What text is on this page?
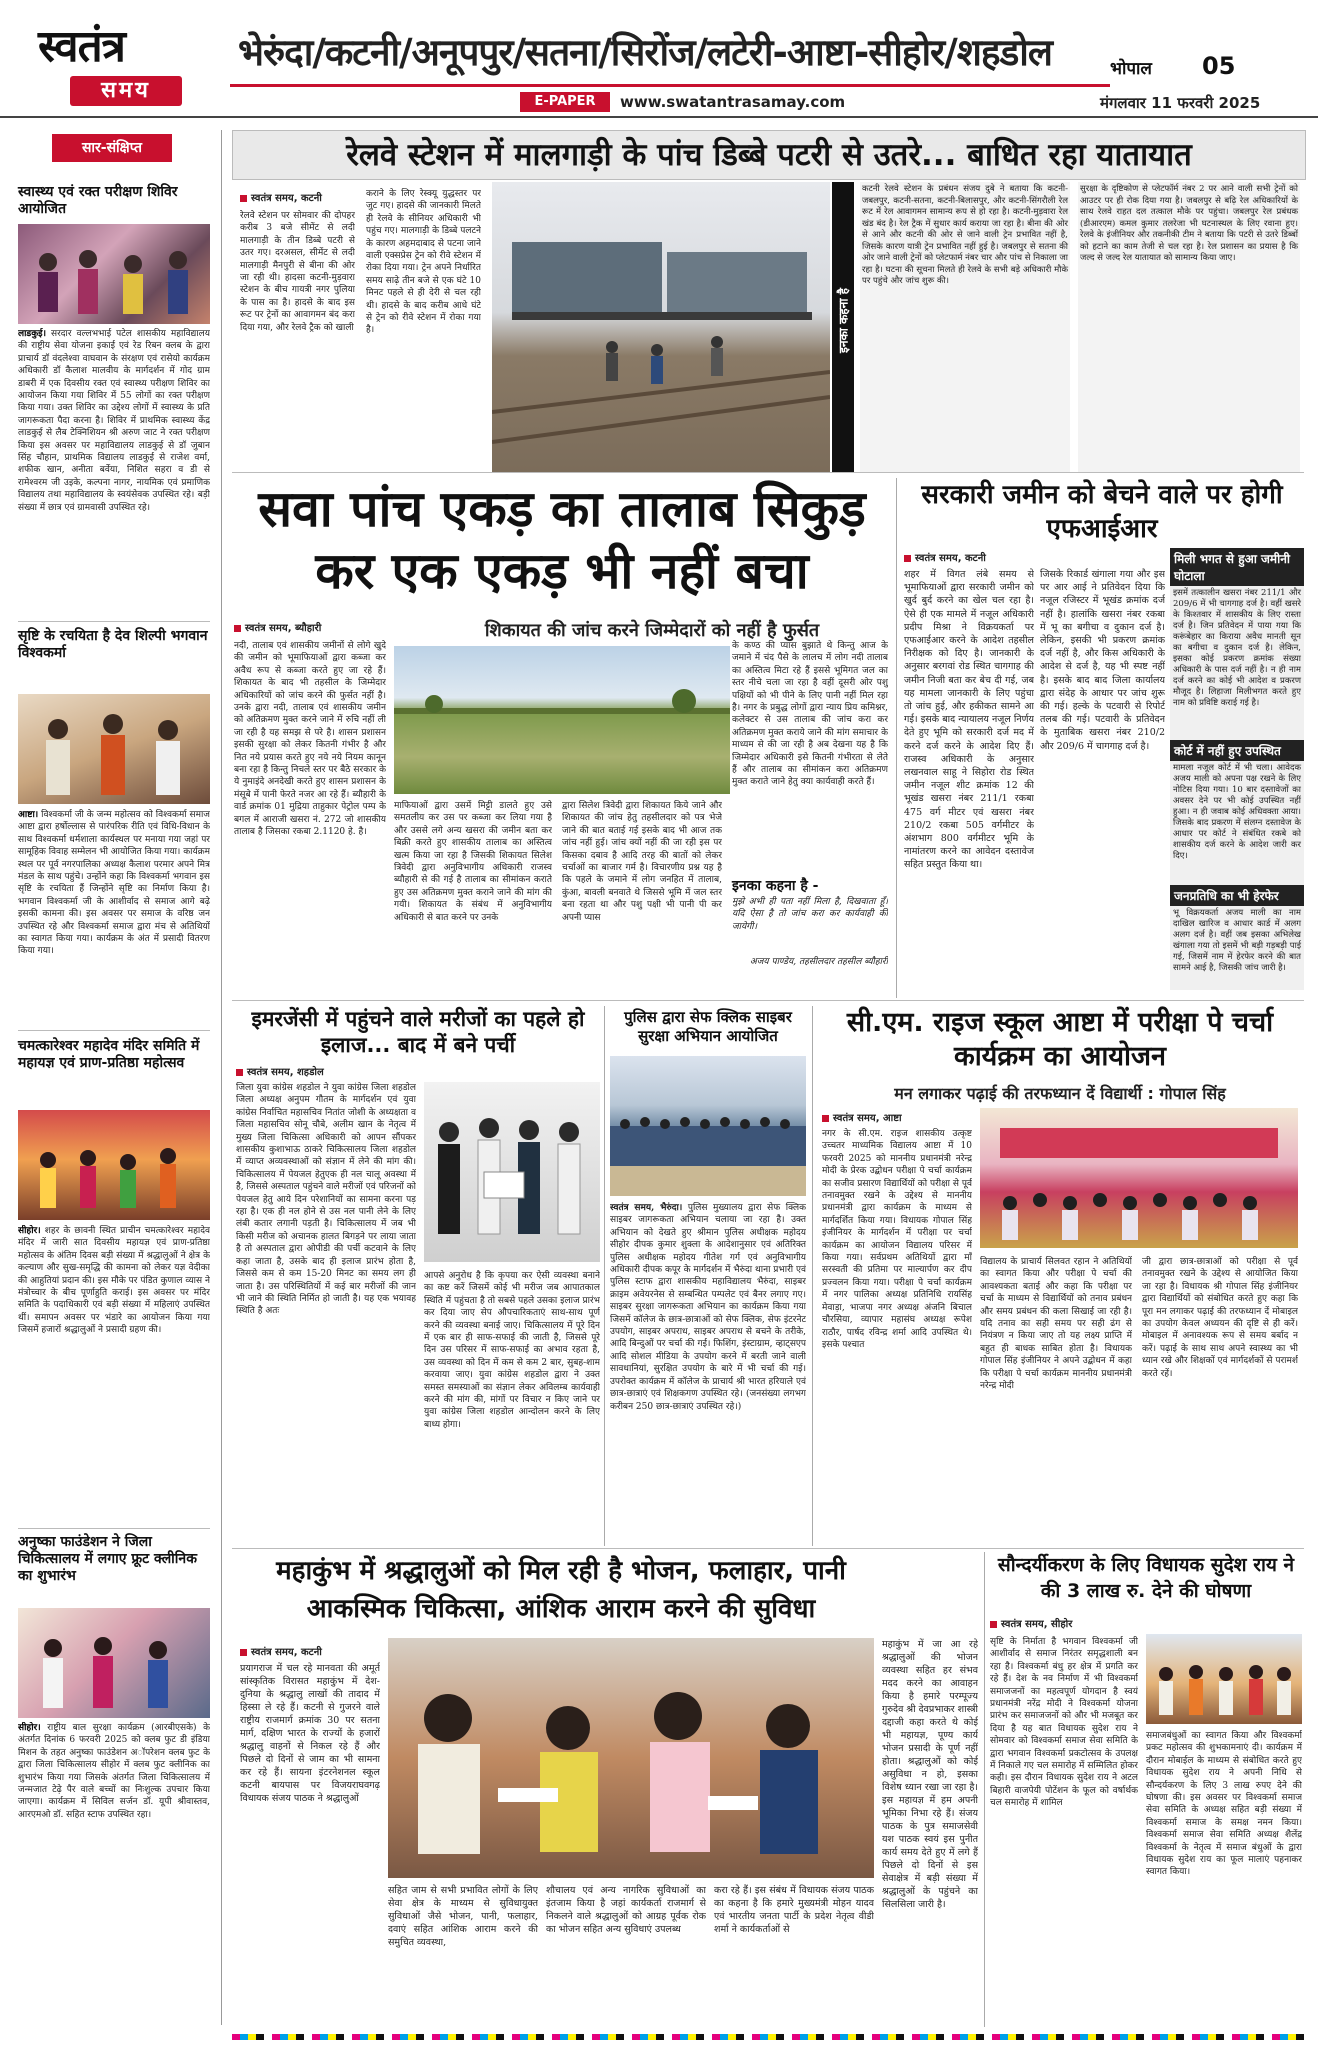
स्वतंत्र
समय
भेरुंदा/कटनी/अनूपपुर/सतना/सिरोंज/लटेरी-आष्टा-सीहोर/शहडोल	भोपाल 05
E-PAPER	www.swatantrasamay.com	मंगलवार 11 फरवरी 2025
सार-संक्षिप्त
स्वास्थ्य एवं रक्त परीक्षण शिविर आयोजित
लाडकुई। सरदार वल्लभभाई पटेल शासकीय महाविद्यालय की राष्ट्रीय सेवा योजना इकाई एवं रेड रिबन क्लब के द्वारा प्राचार्य डॉ वंदलेश्वा वाघवान के संरक्षण एवं रासेयो कार्यक्रम अधिकारी डॉ कैलाश मालवीय के मार्गदर्शन में गोद ग्राम डाबरी में एक दिवसीय रक्त एवं स्वास्थ्य परीक्षण शिविर का आयोजन किया गया शिविर में 55 लोगों का रक्त परीक्षण किया गया। उक्त शिविर का उद्देश्य लोगों में स्वास्थ्य के प्रति जागरूकता पैदा करना है। शिविर में प्राथमिक स्वास्थ्य केंद्र लाडकुई से लैब टेक्निशियन श्री अरुण जाट ने रक्त परीक्षण किया इस अवसर पर महाविद्यालय लाडकुई से डॉ जुबान सिंह चौहान, प्राथमिक विद्यालय लाडकुई से राजेश वर्मा, शफीक खान, अनीता बर्वेया, निशित सहरा व डी से रामेश्वरम जी उइके, कल्पना नागर, नायमिक एवं प्रमाणिक विद्यालय तथा महाविद्यालय के स्वयंसेवक उपस्थित रहे। बड़ी संख्या में छात्र एवं ग्रामवासी उपस्थित रहे।
सृष्टि के रचयिता है देव शिल्पी भगवान विश्वकर्मा
आष्टा। विश्वकर्मा जी के जन्म महोत्सव को विश्वकर्मा समाज आष्टा द्वारा हर्षोल्लास से पारंपरिक रीति एवं विधि-विधान के साथ विश्वकर्मा धर्मशाला कार्यस्थल पर मनाया गया जहां पर सामूहिक विवाह सम्मेलन भी आयोजित किया गया। कार्यक्रम स्थल पर पूर्व नगरपालिका अध्यक्ष कैलाश परमार अपने मित्र मंडल के साथ पहुंचे। उन्होंने कहा कि विश्वकर्मा भगवान इस सृष्टि के रचयिता हैं जिन्होंने सृष्टि का निर्माण किया है। भगवान विश्वकर्मा जी के आशीर्वाद से समाज आगे बढ़े इसकी कामना की। इस अवसर पर समाज के वरिष्ठ जन उपस्थित रहे और विश्वकर्मा समाज द्वारा मंच से अतिथियों का स्वागत किया गया। कार्यक्रम के अंत में प्रसादी वितरण किया गया।
चमत्कारेश्वर महादेव मंदिर समिति में महायज्ञ एवं प्राण-प्रतिष्ठा महोत्सव
सीहोर। शहर के छावनी स्थित प्राचीन चमत्कारेश्वर महादेव मंदिर में जारी सात दिवसीय महायज्ञ एवं प्राण-प्रतिष्ठा महोत्सव के अंतिम दिवस बड़ी संख्या में श्रद्धालुओं ने क्षेत्र के कल्याण और सुख-समृद्धि की कामना को लेकर यज्ञ वेदीका की आहुतियां प्रदान की। इस मौके पर पंडित कुणाल व्यास ने मंत्रोच्चार के बीच पूर्णाहुति कराई। इस अवसर पर मंदिर समिति के पदाधिकारी एवं बड़ी संख्या में महिलाएं उपस्थित थीं। समापन अवसर पर भंडारे का आयोजन किया गया जिसमें हजारों श्रद्धालुओं ने प्रसादी ग्रहण की।
अनुष्का फाउंडेशन ने जिला चिकित्सालय में लगाए फ्रूट क्लीनिक का शुभारंभ
सीहोर। राष्ट्रीय बाल सुरक्षा कार्यक्रम (आरबीएसके) के अंतर्गत दिनांक 6 फरवरी 2025 को क्लब फुट डी इंडिया मिशन के तहत अनुष्का फाउंडेशन अॉपरेशन क्लब फुट के द्वारा जिला चिकित्सालय सीहोर में क्लब फुट क्लीनिक का शुभारंभ किया गया जिसके अंतर्गत जिला चिकित्सालय में जन्मजात टेढ़े पैर वाले बच्चों का निःशुल्क उपचार किया जाएगा। कार्यक्रम में सिविल सर्जन डॉ. यूपी श्रीवास्तव, आरएमओ डॉ. सहित स्टाफ उपस्थित रहा।
रेलवे स्टेशन में मालगाड़ी के पांच डिब्बे पटरी से उतरे... बाधित रहा यातायात
स्वतंत्र समय, कटनी
रेलवे स्टेशन पर सोमवार की दोपहर करीब 3 बजे सीमेंट से लदी मालगाड़ी के तीन डिब्बे पटरी से उतर गए। दरअसल, सीमेंट से लदी मालगाड़ी मैनपुरी से बीना की ओर जा रही थी। हादसा कटनी-मुड़वारा स्टेशन के बीच गायत्री नगर पुलिया के पास का है। हादसे के बाद इस रूट पर ट्रेनों का आवागमन बंद करा दिया गया, और रेलवे ट्रैक को खाली
कराने के लिए रेस्क्यू युद्धस्तर पर जुट गए। हादसे की जानकारी मिलते ही रेलवे के सीनियर अधिकारी भी पहुंच गए। मालगाड़ी के डिब्बे पलटने के कारण अहमदाबाद से पटना जाने वाली एक्सप्रेस ट्रेन को रीवे स्टेशन में रोका दिया गया। ट्रेन अपने निर्धारित समय साढ़े तीन बजे से एक घंटे 10 मिनट पहले से ही देरी से चल रही थी। हादसे के बाद करीब आधे घंटे से ट्रेन को रीवे स्टेशन में रोका गया है।	इनका कहना है
कटनी रेलवे स्टेशन के प्रबंधन संजय दुबे ने बताया कि कटनी-जबलपुर, कटनी-सतना, कटनी-बिलासपुर, और कटनी-सिंगरौली रेल रूट में रेल आवागमन सामान्य रूप से हो रहा है। कटनी-मुड़वारा रेल खंड बंद है। रेल ट्रैक में सुधार कार्य कराया जा रहा है। बीना की ओर से आने और कटनी की ओर से जाने वाली ट्रेन प्रभावित नहीं है, जिसके कारण यात्री ट्रेन प्रभावित नहीं हुई है। जबलपुर से सतना की ओर जाने वाली ट्रेनों को प्लेटफार्म नंबर चार और पांच से निकाला जा रहा है। घटना की सूचना मिलते ही रेलवे के सभी बड़े अधिकारी मौके पर पहुंचे और जांच शुरू की।
सुरक्षा के दृष्टिकोण से प्लेटफॉर्म नंबर 2 पर आने वाली सभी ट्रेनों को आउटर पर ही रोक दिया गया है। जबलपुर से बढ़ि रेल अधिकारियों के साथ रेलवे राहत दल तत्काल मौके पर पहुंचा। जबलपुर रेल प्रबंधक (डीआरएम) कमल कुमार तलरेजा भी घटनास्थल के लिए रवाना हुए। रेलवे के इंजीनियर और तकनीकी टीम ने बताया कि पटरी से उतरे डिब्बों को हटाने का काम तेजी से चल रहा है। रेल प्रशासन का प्रयास है कि जल्द से जल्द रेल यातायात को सामान्य किया जाए।
सवा पांच एकड़ का तालाब सिकुड़ कर एक एकड़ भी नहीं बचा
स्वतंत्र समय, ब्यौहारी	शिकायत की जांच करने जिम्मेदारों को नहीं है फुर्सत
नदी, तालाब एवं शासकीय जमीनों से लोगे खुदे की जमीन को भूमाफियाओं द्वारा कब्जा कर अवैध रूप से कब्जा करते हुए जा रहे हैं। शिकायत के बाद भी तहसील के जिम्मेदार अधिकारियों को जांच करने की फुर्सत नहीं है। उनके द्वारा नदी, तालाब एवं शासकीय जमीन को अतिक्रमण मुक्त करने जाने में रुचि नहीं ली जा रही है यह समझ से परे है। शासन प्रशासन इसकी सुरक्षा को लेकर कितनी गंभीर है और नित नये प्रयास करते हुए नये नये नियम कानून बना रहा है किन्तु निचले स्तर पर बैठे सरकार के ये नुमाइंदे अनदेखी करते हुए शासन प्रशासन के मंसूबे में पानी फेरते नजर आ रहे हैं। ब्यौहारी के वार्ड क्रमांक 01 मुद्रिया ताहुकार पेट्रोल पम्प के बगल में आराजी खसरा नं. 272 जो शासकीय तालाब है जिसका रकबा 2.1120 हे. है।
माफियाओं द्वारा उसमें मिट्टी डालते हुए उसे समतलीय कर उस पर कब्जा कर लिया गया है और उससे लगे अन्य खसरा की जमीन बता कर बिक्री करते हुए शासकीय तालाब का अस्तित्व खत्म किया जा रहा है जिसकी शिकायत सिलेश त्रिवेदी द्वारा अनुविभागीय अधिकारी राजस्व ब्यौहारी से की गई है तालाब का सीमांकन कराते हुए उस अतिक्रमण मुक्त कराने जाने की मांग की गयी। शिकायत के संबंध में अनुविभागीय अधिकारी से बात करने पर उनके
द्वारा सिलेश त्रिवेदी द्वारा शिकायत किये जाने और शिकायत की जांच हेतु तहसीलदार को पत्र भेजे जाने की बात बताई गई इसके बाद भी आज तक जांच नहीं हुई। जांच क्यों नहीं की जा रही इस पर किसका दबाव है आदि तरह की बातों को लेकर चर्चाओं का बाजार गर्म है। विचारणीय प्रश्न यह है कि पहले के जमाने में लोग जनहित में तालाब, कुंआ, बावली बनवाते थे जिससे भूमि में जल स्तर बना रहता था और पशु पक्षी भी पानी पी कर अपनी प्यास
के कण्ठ की प्यास बुझाते थे किन्तु आज के जमाने में चंद पैसे के लालच में लोग नदी तालाब का अस्तित्व मिटा रहे हैं इससे भूमिगत जल का स्तर नीचे चला जा रहा है वहीं दूसरी ओर पशु पक्षियों को भी पीने के लिए पानी नहीं मिल रहा है। नगर के प्रबुद्ध लोगों द्वारा न्याय प्रिय कमिश्नर, कलेक्टर से उस तालाब की जांच करा कर अतिक्रमण मुक्त कराये जाने की मांग समाचार के माध्यम से की जा रही है अब देखना यह है कि जिम्मेदार अधिकारी इसे कितनी गंभीरता से लेते हैं और तालाब का सीमांकन करा अतिक्रमण मुक्त कराते जाने हेतु क्या कार्यवाही करते हैं।
इनका कहना है -
मुझे अभी ही पता नहीं मिला है, दिखवाता हूँ। यदि ऐसा है तो जांच करा कर कार्यवाही की जायेगी।
अजय पाण्डेय, तहसीलदार तहसील ब्यौहारी
सरकारी जमीन को बेचने वाले पर होगी एफआईआर
स्वतंत्र समय, कटनी
शहर में विगत लंबे समय से भूमाफियाओं द्वारा सरकारी जमीन को खुर्द बुर्द करने का खेल चल रहा है। ऐसे ही एक मामले में नजूल अधिकारी प्रदीप मिश्रा ने विक्रयकर्ता पर एफआईआर करने के आदेश तहसील निरीक्षक को दिए है। जानकारी के अनुसार बरगवां रोड स्थित चागगाह की जमीन निजी बता कर बेच दी गई, जब यह मामला जानकारी के लिए पहुंचा तो जांच हुई, और हकीकत सामने आ गई। इसके बाद न्यायालय नजूल निर्णय देते हुए भूमि को सरकारी दर्ज मद में करने दर्ज करने के आदेश दिए हैं। राजस्व अधिकारी के अनुसार लखनवाल साहू ने सिहोरा रोड स्थित जमीन नजूल शीट क्रमांक 12 की भूखंड खसरा नंबर 211/1 रकबा 475 वर्ग मीटर एवं खसरा नंबर 210/2 रकबा 505 वर्गमीटर के अंशभाग 800 वर्गमीटर भूमि के नामांतरण करने का आवेदन दस्तावेज सहित प्रस्तुत किया था।
जिसके रिकार्ड खंगाला गया और इस पर आर आई ने प्रतिवेदन दिया कि नजूल रजिस्टर में भूखंड क्रमांक दर्ज नहीं है। हालांकि खसरा नंबर रकबा में भू का बगीचा व दुकान दर्ज है। लेकिन, इसकी भी प्रकरण क्रमांक दर्ज नहीं है, और किस अधिकारी के आदेश से दर्ज है, यह भी स्पष्ट नहीं है। इसके बाद बाद जिला कार्यालय द्वारा संदेह के आधार पर जांच शुरू की गई। हल्के के पटवारी से रिपोर्ट तलब की गई। पटवारी के प्रतिवेदन के मुताबिक खसरा नंबर 210/2 और 209/6 में चागगाह दर्ज है।
मिली भगत से हुआ जमीनी घोटाला
इसमें तत्कालीन खसरा नंबर 211/1 और 209/6 में भी चागगाह दर्ज है। वहीं खसरे के किश्तवार में शासकीय के लिए रास्ता दर्ज है। जिन प्रतिवेदन में पाया गया कि करूंबेहार का किराया अवैध मानती सून का बगीचा व दुकान दर्ज है। लेकिन, इसका कोई प्रकरण क्रमांक संख्या अधिकारी के पास दर्ज नहीं है। न ही नाम दर्ज करने का कोई भी आदेश व प्रकरण मौजूद है। लिहाजा मिलीभगत करते हुए नाम को प्रविष्टि कराई गई है।
कोर्ट में नहीं हुए उपस्थित
मामला नजूल कोर्ट में भी चला। आवेदक अजय माली को अपना पक्ष रखने के लिए नोटिस दिया गया। 10 बार दस्तावेजों का अवसर देने पर भी कोई उपस्थित नहीं हुआ। न ही जवाब कोई अधिवक्ता आया। जिसके बाद प्रकरण में संलग्न दस्तावेज के आधार पर कोर्ट ने संबंधित रकबे को शासकीय दर्ज करने के आदेश जारी कर दिए।
जनप्रतिधि का भी हेरफेर
भू विक्रयकर्ता अजय माली का नाम दाखिल खारिज व आधार कार्ड में अलग अलग दर्ज है। वहीं जब इसका अभिलेख खंगाला गया तो इसमें भी बड़ी गड़बड़ी पाई गई, जिसमें नाम में हेरफेर करने की बात सामने आई है, जिसकी जांच जारी है।
इमरजेंसी में पहुंचने वाले मरीजों का पहले हो इलाज... बाद में बने पर्ची
स्वतंत्र समय, शहडोल
जिला युवा कांग्रेस शहडोल ने युवा कांग्रेस जिला शहडोल जिला अध्यक्ष अनुपम गौतम के मार्गदर्शन एवं युवा कांग्रेस निर्वाचित महासचिव नितांत जोशी के अध्यक्षता व जिला महासचिव सोनू चौबे, अलीम खान के नेतृत्व में मुख्य जिला चिकित्सा अधिकारी को आपन सौंपकर शासकीय कुशाभाऊ ठाकरे चिकित्सालय जिला शहडोल में व्याप्त अव्यवस्थाओं को संज्ञान में लेने की मांग की। चिकित्सालय में पेयजल हेतुएक ही नल चालू अवस्था में है, जिससे अस्पताल पहुंचने वाले मरीजों एवं परिजनों को पेयजल हेतु आये दिन परेशानियों का सामना करना पड़ रहा है। एक ही नल होने से उस नल पानी लेने के लिए लंबी कतार लगानी पड़ती है। चिकित्सालय में जब भी किसी मरीज को अचानक हालत बिगड़ने पर लाया जाता है तो अस्पताल द्वारा ओपीडी की पर्ची कटवाने के लिए कहा जाता है, उसके बाद ही इलाज प्रारंभ होता है, जिससे कम से कम 15-20 मिनट का समय लग ही जाता है। उस परिस्थितियों में कई बार मरीजों की जान भी जाने की स्थिति निर्मित हो जाती है। यह एक भयावह स्थिति है अतः
आपसे अनुरोध है कि कृपया कर ऐसी व्यवस्था बनाने का कष्ट करें जिसमें कोई भी मरीज जब आपातकाल स्थिति में पहुंचता है तो सबसे पहले उसका इलाज प्रारंभ कर दिया जाए सेप औपचारिकताएं साथ-साथ पूर्ण करने की व्यवस्था बनाई जाए। चिकित्सालय में पूरे दिन में एक बार ही साफ-सफाई की जाती है, जिससे पूरे दिन उस परिसर में साफ-सफाई का अभाव रहता है, उस व्यवस्था को दिन में कम से कम 2 बार, सुबह-शाम करवाया जाए। युवा कांग्रेस शहडोल द्वारा ने उक्त समस्त समस्याओं का संज्ञान लेकर अविलम्ब कार्यवाही करने की मांग की, मांगों पर विचार न किए जाने पर युवा कांग्रेस जिला शहडोल आन्दोलन करने के लिए बाध्य होगा।
पुलिस द्वारा सेफ क्लिक साइबर सुरक्षा अभियान आयोजित
स्वतंत्र समय, भैरुंदा। पुलिस मुख्यालय द्वारा सेफ क्लिक साइबर जागरूकता अभियान चलाया जा रहा है। उक्त अभियान को देखते हुए श्रीमान पुलिस अधीक्षक महोदय सीहोर दीपक कुमार शुक्ला के आदेशानुसार एवं अतिरिक्त पुलिस अधीक्षक महोदय गीतेश गर्ग एवं अनुविभागीय अधिकारी दीपक कपूर के मार्गदर्शन में भैरुंदा थाना प्रभारी एवं पुलिस स्टाफ द्वारा शासकीय महाविद्यालय भैरुंदा, साइबर क्राइम अवेयरनेस से सम्बन्धित पम्पलेट एवं बैनर लगाए गए। साइबर सुरक्षा जागरूकता अभियान का कार्यक्रम किया गया जिसमें कॉलेज के छात्र-छात्राओं को सेफ क्लिक, सेफ इंटरनेट उपयोग, साइबर अपराध, साइबर अपराध से बचने के तरीके, आदि बिन्दुओं पर चर्चा की गई। फिशिंग, इंस्टाग्राम, व्हाट्सएप आदि सोशल मीडिया के उपयोग करने में बरती जाने वाली सावधानियां, सुरक्षित उपयोग के बारे में भी चर्चा की गई। उपरोक्त कार्यक्रम में कॉलेज के प्राचार्य श्री भारत हरियाले एवं छात्र-छात्राएं एवं शिक्षकगण उपस्थित रहे। (जनसंख्या लगभग करीबन 250 छात्र-छात्राएं उपस्थित रहे।)
सी.एम. राइज स्कूल आष्टा में परीक्षा पे चर्चा कार्यक्रम का आयोजन
मन लगाकर पढ़ाई की तरफध्यान दें विद्यार्थी : गोपाल सिंह
स्वतंत्र समय, आष्टा
नगर के सी.एम. राइज शासकीय उत्कृष्ट उच्चतर माध्यमिक विद्यालय आष्टा में 10 फरवरी 2025 को माननीय प्रधानमंत्री नरेन्द्र मोदी के प्रेरक उद्बोधन परीक्षा पे चर्चा कार्यक्रम का सजीव प्रसारण विद्यार्थियों को परीक्षा से पूर्व तनावमुक्त रखने के उद्देश्य से माननीय प्रधानमंत्री द्वारा कार्यक्रम के माध्यम से मार्गदर्शित किया गया। विधायक गोपाल सिंह इंजीनियर के मार्गदर्शन में परीक्षा पर चर्चा कार्यक्रम का आयोजन विद्यालय परिसर में किया गया। सर्वप्रथम अतिथियों द्वारा माँ सरस्वती की प्रतिमा पर माल्यार्पण कर दीप प्रज्वलन किया गया। परीक्षा पे चर्चा कार्यक्रम में नगर पालिका अध्यक्ष प्रतिनिधि रायसिंह मेवाड़ा, भाजपा नगर अध्यक्ष अंजनि बिचाल चौरसिया, व्यापार महासंघ अध्यक्ष रूपेश राठौर, पार्षद रविन्द्र शर्मा आदि उपस्थित थे। इसके पश्चात
विद्यालय के प्राचार्य सिलवत रहान ने अतिथियों का स्वागत किया और परीक्षा पे चर्चा की आवश्यकता बताई और कहा कि परीक्षा पर चर्चा के माध्यम से विद्यार्थियों को तनाव प्रबंधन और समय प्रबंधन की कला सिखाई जा रही है। यदि तनाव का सही समय पर सही ढंग से नियंत्रण न किया जाए तो यह लक्ष्य प्राप्ति में बहुत ही बाधक साबित होता है। विधायक गोपाल सिंह इंजीनियर ने अपने उद्बोधन में कहा कि परीक्षा पे चर्चा कार्यक्रम माननीय प्रधानमंत्री नरेन्द्र मोदी
जी द्वारा छात्र-छात्राओं को परीक्षा से पूर्व तनावमुक्त रखने के उद्देश्य से आयोजित किया जा रहा है। विधायक श्री गोपाल सिंह इंजीनियर द्वारा विद्यार्थियों को संबोधित करते हुए कहा कि पूरा मन लगाकर पढ़ाई की तरफध्यान दें मोबाइल का उपयोग केवल अध्ययन की दृष्टि से ही करें। मोबाइल में अनावश्यक रूप से समय बर्बाद न करें। पढ़ाई के साथ साथ अपने स्वास्थ्य का भी ध्यान रखे और शिक्षकों एवं मार्गदर्शकों से परामर्श करते रहें।
महाकुंभ में श्रद्धालुओं को मिल रही है भोजन, फलाहार, पानी आकस्मिक चिकित्सा, आंशिक आराम करने की सुविधा
स्वतंत्र समय, कटनी
प्रयागराज में चल रहे मानवता की अमूर्त सांस्कृतिक विरासत महाकुंभ में देश-दुनिया के श्रद्धालु लाखों की तादाद में हिस्सा ले रहे हैं। कटनी से गुजरने वाले राष्ट्रीय राजमार्ग क्रमांक 30 पर सतना मार्ग, दक्षिण भारत के राज्यों के हजारों श्रद्धालु वाहनों से निकल रहे हैं और पिछले दो दिनों से जाम का भी सामना कर रहे हैं। सायना इंटरनेशनल स्कूल कटनी बायपास पर विजयराघवगढ़ विधायक संजय पाठक ने श्रद्धालुओं
सहित जाम से सभी प्रभावित लोगों के लिए सेवा क्षेत्र के माध्यम से सुविधायुक्त सुविधाओं जैसे भोजन, पानी, फलाहार, दवाएं सहित आंशिक आराम करने की समुचित व्यवस्था,
शौचालय एवं अन्य नागरिक सुविधाओं का इंतजाम किया है जहां कार्यकर्ता राजमार्ग से निकलने वाले श्रद्धालुओं को आग्रह पूर्वक रोक का भोजन सहित अन्य सुविधाएं उपलब्ध
करा रहे हैं। इस संबंध में विधायक संजय पाठक का कहना है कि हमारे मुख्यमंत्री मोहन यादव एवं भारतीय जनता पार्टी के प्रदेश नेतृत्व वीडी शर्मा ने कार्यकर्ताओं से
महाकुंभ में जा आ रहे श्रद्धालुओं की भोजन व्यवस्था सहित हर संभव मदद करने का आवाहन किया है हमारे परम्पूज्य गुरुदेव श्री देवप्रभाकर शास्त्री दद्दाजी कहा करते थे कोई भी महायज्ञ, पूण्य कार्य भोजन प्रसादी के पूर्ण नहीं होता। श्रद्धालुओं को कोई असुविधा न हो, इसका विशेष ध्यान रखा जा रहा है। इस महायज्ञ में हम अपनी भूमिका निभा रहे हैं। संजय पाठक के पुत्र समाजसेवी यश पाठक स्वयं इस पुनीत कार्य समय देते हुए में लगे हैं पिछले दो दिनों से इस सेवाक्षेत्र में बड़ी संख्या में श्रद्धालुओं के पहुंचने का सिलसिला जारी है।
सौन्दर्यीकरण के लिए विधायक सुदेश राय ने की 3 लाख रु. देने की घोषणा
स्वतंत्र समय, सीहोर
सृष्टि के निर्माता है भगवान विश्वकर्मा जी आशीर्वाद से समाज निरंतर समृद्धशाली बन रहा है। विश्वकर्मा बंधु हर क्षेत्र में प्रगति कर रहे हैं। देश के नव निर्माण में भी विश्वकर्मा समाजजनों का महत्वपूर्ण योगदान है स्वयं प्रधानमंत्री नरेंद्र मोदी ने विश्वकर्मा योजना प्रारंभ कर समाजजनों को और भी मजबूत कर दिया है यह बात विधायक सुदेश राय ने सोमवार को विश्वकर्मा समाज सेवा समिति के द्वारा भगवान विश्वकर्मा प्रकटोत्सव के उपलक्ष में निकाले गए चल समारोह में सम्मिलित होकर कही। इस दौरान विधायक सुदेश राय ने अटल बिहारी वाजपेयी पोटेंशन के फूल को वर्षार्थक चल समारोह में शामिल
समाजबंधुओं का स्वागत किया और विश्वकर्मा प्रकट महोत्सव की शुभकामनाएं दी। कार्यक्रम में दौरान मोबाईल के माध्यम से संबोधित करते हुए विधायक सुदेश राय ने अपनी निधि से सौन्दर्यकरण के लिए 3 लाख रुपए देने की घोषणा की। इस अवसर पर विश्वकर्मा समाज सेवा समिति के अध्यक्ष सहित बड़ी संख्या में विश्वकर्मा समाज के समक्ष नमन किया। विश्वकर्मा समाज सेवा समिति अध्यक्ष शैलेंद्र विश्वकर्मा के नेतृत्व में समाज बंधुओं के द्वारा विधायक सुदेश राय का फूल मालाएं पहनाकर स्वागत किया।
